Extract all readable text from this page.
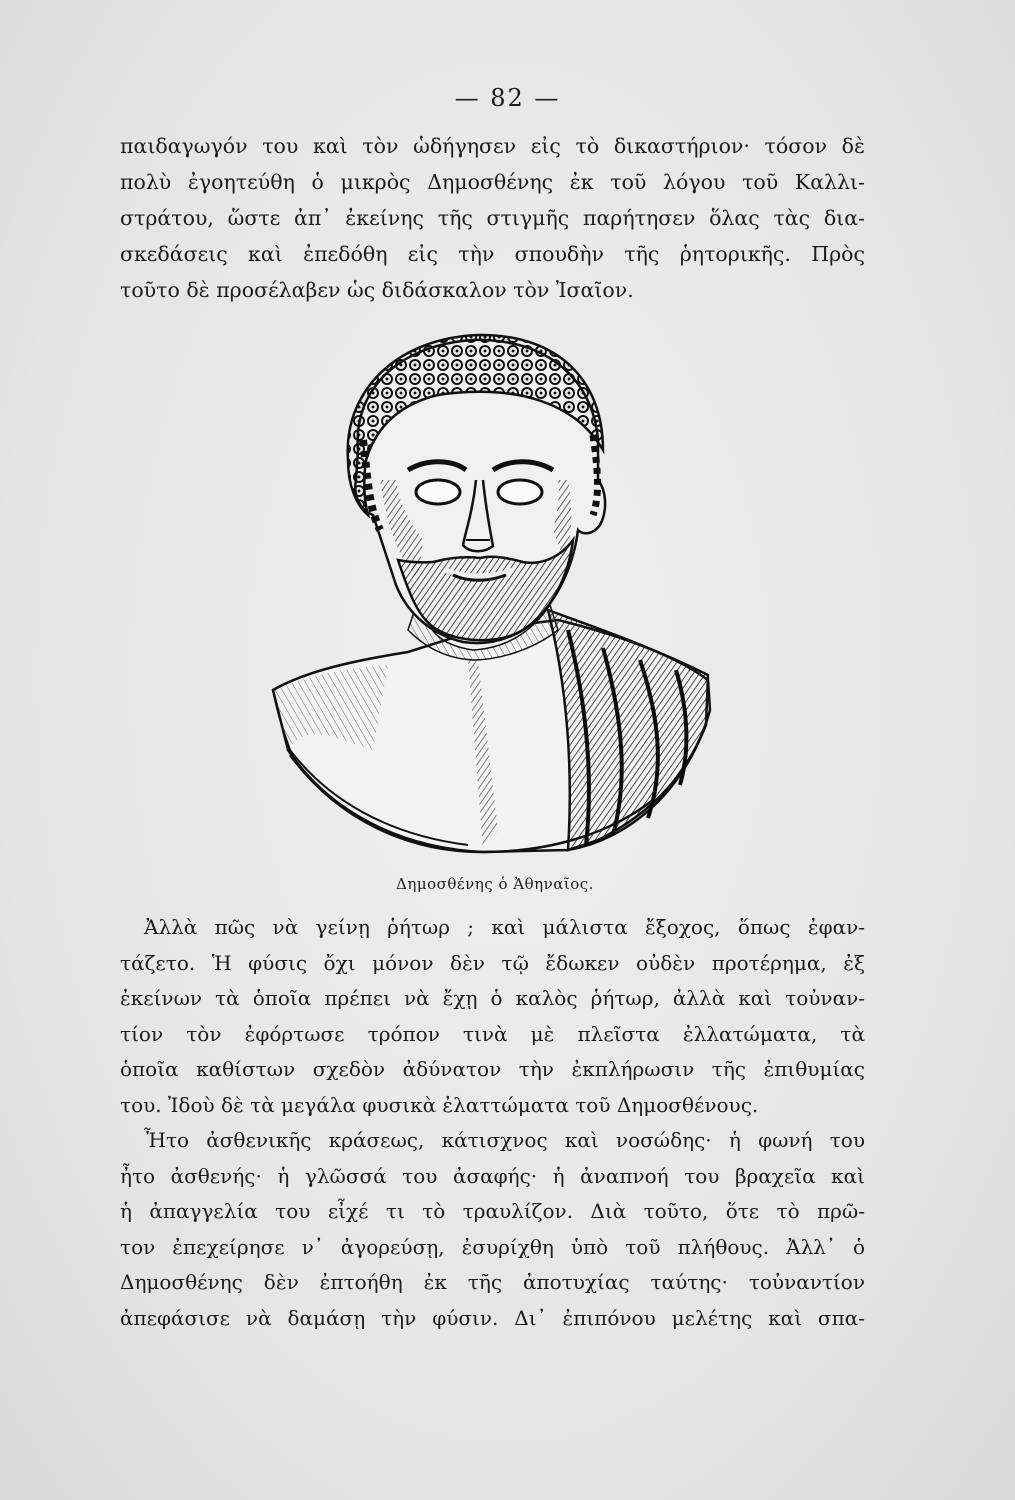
— 82 —
παιδαγωγόν του καὶ τὸν ὡδήγησεν εἰς τὸ δικαστήριον· τόσον δὲ
πολὺ ἐγοητεύθη ὁ μικρὸς Δημοσθένης ἐκ τοῦ λόγου τοῦ Καλλι-
στράτου, ὥστε ἀπ᾽ ἐκείνης τῆς στιγμῆς παρήτησεν ὅλας τὰς δια-
σκεδάσεις καὶ ἐπεδόθη εἰς τὴν σπουδὴν τῆς ῥητορικῆς. Πρὸς
τοῦτο δὲ προσέλαβεν ὡς διδάσκαλον τὸν Ἰσαῖον.
Δημοσθένης ὁ Ἀθηναῖος.
Ἀλλὰ πῶς νὰ γείνῃ ῥήτωρ ; καὶ μάλιστα ἔξοχος, ὅπως ἐφαν-
τάζετο. Ἡ φύσις ὄχι μόνον δὲν τῷ ἔδωκεν οὐδὲν προτέρημα, ἐξ
ἐκείνων τὰ ὁποῖα πρέπει νὰ ἔχῃ ὁ καλὸς ῥήτωρ, ἀλλὰ καὶ τοὐναν-
τίον τὸν ἐφόρτωσε τρόπον τινὰ μὲ πλεῖστα ἐλλατώματα, τὰ
ὁποῖα καθίστων σχεδὸν ἀδύνατον τὴν ἐκπλήρωσιν τῆς ἐπιθυμίας
του. Ἰδοὺ δὲ τὰ μεγάλα φυσικὰ ἐλαττώματα τοῦ Δημοσθένους.
Ἦτο ἀσθενικῆς κράσεως, κάτισχνος καὶ νοσώδης· ἡ φωνή του
ἦτο ἀσθενής· ἡ γλῶσσά του ἀσαφής· ἡ ἀναπνοή του βραχεῖα καὶ
ἡ ἀπαγγελία του εἶχέ τι τὸ τραυλίζον. Διὰ τοῦτο, ὅτε τὸ πρῶ-
τον ἐπεχείρησε ν᾽ ἀγορεύσῃ, ἐσυρίχθη ὑπὸ τοῦ πλήθους. Ἀλλ᾽ ὁ
Δημοσθένης δὲν ἐπτοήθη ἐκ τῆς ἀποτυχίας ταύτης· τοὐναντίον
ἀπεφάσισε νὰ δαμάσῃ τὴν φύσιν. Δι᾽ ἐπιπόνου μελέτης καὶ σπα-
